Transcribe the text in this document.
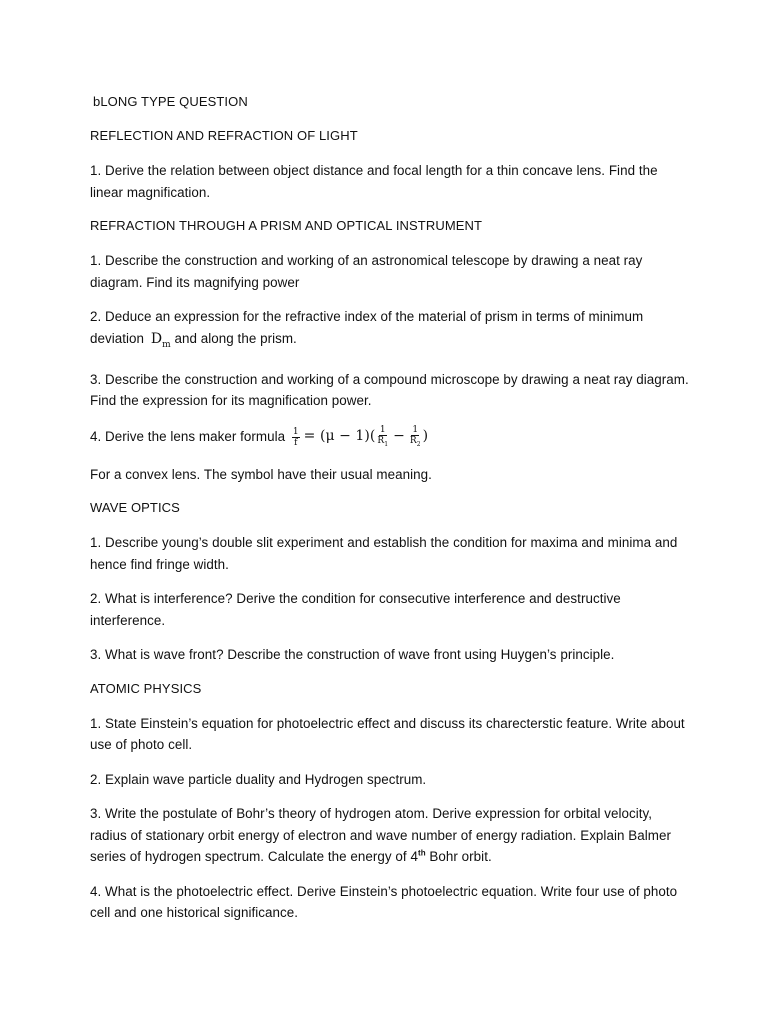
bLONG TYPE QUESTION

REFLECTION AND REFRACTION OF LIGHT

1. Derive the relation between object distance and focal length for a thin concave lens. Find the linear magnification.

REFRACTION THROUGH A PRISM AND OPTICAL INSTRUMENT

1. Describe the construction and working of an astronomical telescope by drawing a neat ray diagram. Find its magnifying power

2. Deduce an expression for the refractive index of the material of prism in terms of minimum deviation $D_m$ and along the prism.

3. Describe the construction and working of a compound microscope by drawing a neat ray diagram. Find the expression for its magnification power.

4. Derive the lens maker formula $\frac{1}{f} = (\mu - 1)( \frac{1}{R_1} - \frac{1}{R_2}$ )

For a convex lens. The symbol have their usual meaning.

WAVE OPTICS

1. Describe young’s double slit experiment and establish the condition for maxima and minima and hence find fringe width.

2. What is interference? Derive the condition for consecutive interference and destructive interference.

3. What is wave front? Describe the construction of wave front using Huygen’s principle.

ATOMIC PHYSICS

1. State Einstein’s equation for photoelectric effect and discuss its charecterstic feature. Write about use of photo cell.

2. Explain wave particle duality and Hydrogen spectrum.

3. Write the postulate of Bohr’s theory of hydrogen atom. Derive expression for orbital velocity, radius of stationary orbit energy of electron and wave number of energy radiation. Explain Balmer series of hydrogen spectrum. Calculate the energy of 4th Bohr orbit.

4. What is the photoelectric effect. Derive Einstein’s photoelectric equation. Write four use of photo cell and one historical significance.
